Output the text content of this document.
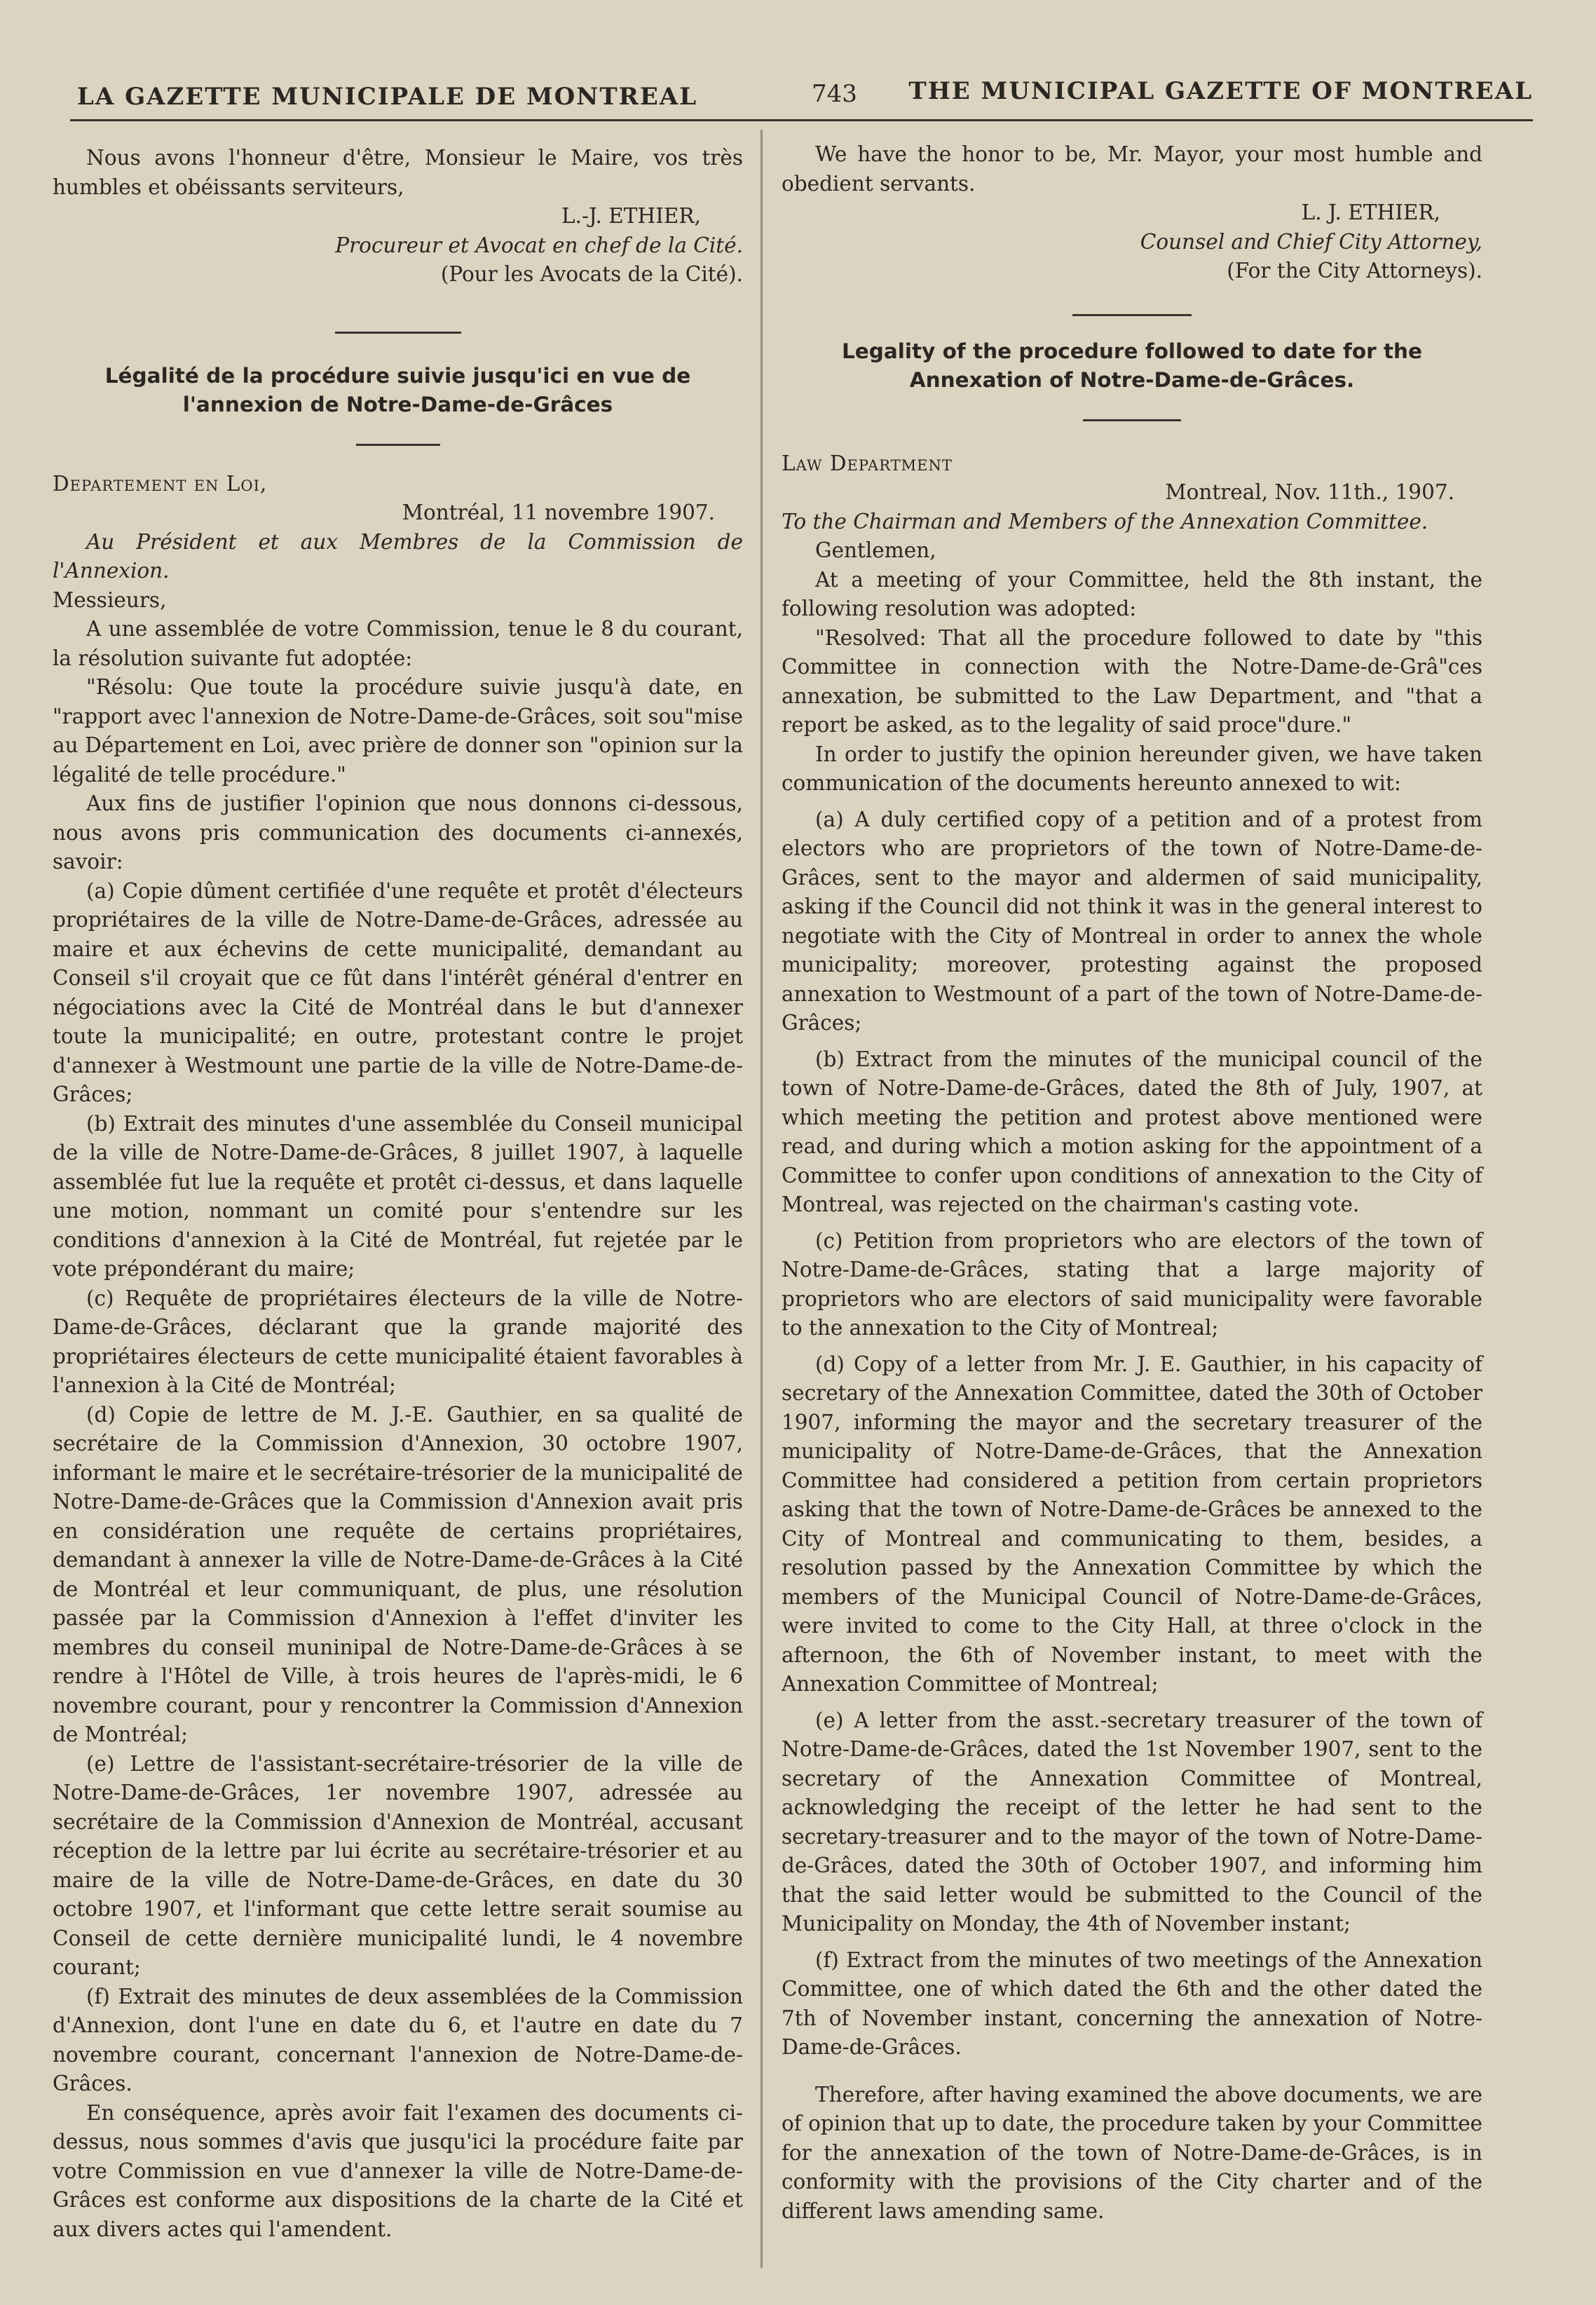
LA GAZETTE MUNICIPALE DE MONTREAL	743 THE MUNICIPAL GAZETTE OF MONTREAL

Nous avons l'honneur d'être, Monsieur le Maire, vos très humbles et obéissants serviteurs,

L.-J. ETHIER,

Procureur et Avocat en chef de la Cité.

(Pour les Avocats de la Cité).

Légalité de la procédure suivie jusqu'ici en vue de l'annexion de Notre-Dame-de-Grâces

Departement en Loi,

Montréal, 11 novembre 1907.

Au Président et aux Membres de la Commission de l'Annexion.

Messieurs,

A une assemblée de votre Commission, tenue le 8 du courant, la résolution suivante fut adoptée:

"Résolu: Que toute la procédure suivie jusqu'à date, en "rapport avec l'annexion de Notre-Dame-de-Grâces, soit sou"mise au Département en Loi, avec prière de donner son "opinion sur la légalité de telle procédure."

Aux fins de justifier l'opinion que nous donnons ci-dessous, nous avons pris communication des documents ci-annexés, savoir:

(a) Copie dûment certifiée d'une requête et protêt d'électeurs propriétaires de la ville de Notre-Dame-de-Grâces, adressée au maire et aux échevins de cette municipalité, demandant au Conseil s'il croyait que ce fût dans l'intérêt général d'entrer en négociations avec la Cité de Montréal dans le but d'annexer toute la municipalité; en outre, protestant contre le projet d'annexer à Westmount une partie de la ville de Notre-Dame-de-Grâces;

(b) Extrait des minutes d'une assemblée du Conseil municipal de la ville de Notre-Dame-de-Grâces, 8 juillet 1907, à laquelle assemblée fut lue la requête et protêt ci-dessus, et dans laquelle une motion, nommant un comité pour s'entendre sur les conditions d'annexion à la Cité de Montréal, fut rejetée par le vote prépondérant du maire;

(c) Requête de propriétaires électeurs de la ville de Notre-Dame-de-Grâces, déclarant que la grande majorité des propriétaires électeurs de cette municipalité étaient favorables à l'annexion à la Cité de Montréal;

(d) Copie de lettre de M. J.-E. Gauthier, en sa qualité de secrétaire de la Commission d'Annexion, 30 octobre 1907, informant le maire et le secrétaire-trésorier de la municipalité de Notre-Dame-de-Grâces que la Commission d'Annexion avait pris en considération une requête de certains propriétaires, demandant à annexer la ville de Notre-Dame-de-Grâces à la Cité de Montréal et leur communiquant, de plus, une résolution passée par la Commission d'Annexion à l'effet d'inviter les membres du conseil muninipal de Notre-Dame-de-Grâces à se rendre à l'Hôtel de Ville, à trois heures de l'après-midi, le 6 novembre courant, pour y rencontrer la Commission d'Annexion de Montréal;

(e) Lettre de l'assistant-secrétaire-trésorier de la ville de Notre-Dame-de-Grâces, 1er novembre 1907, adressée au secrétaire de la Commission d'Annexion de Montréal, accusant réception de la lettre par lui écrite au secrétaire-trésorier et au maire de la ville de Notre-Dame-de-Grâces, en date du 30 octobre 1907, et l'informant que cette lettre serait soumise au Conseil de cette dernière municipalité lundi, le 4 novembre courant;

(f) Extrait des minutes de deux assemblées de la Commission d'Annexion, dont l'une en date du 6, et l'autre en date du 7 novembre courant, concernant l'annexion de Notre-Dame-de-Grâces.

En conséquence, après avoir fait l'examen des documents ci-dessus, nous sommes d'avis que jusqu'ici la procédure faite par votre Commission en vue d'annexer la ville de Notre-Dame-de-Grâces est conforme aux dispositions de la charte de la Cité et aux divers actes qui l'amendent.

We have the honor to be, Mr. Mayor, your most humble and obedient servants.

L. J. ETHIER,

Counsel and Chief City Attorney,

(For the City Attorneys).

Legality of the procedure followed to date for the Annexation of Notre-Dame-de-Grâces.

Law Department

Montreal, Nov. 11th., 1907.

To the Chairman and Members of the Annexation Committee.

Gentlemen,

At a meeting of your Committee, held the 8th instant, the following resolution was adopted:

"Resolved: That all the procedure followed to date by "this Committee in connection with the Notre-Dame-de-Grâ"ces annexation, be submitted to the Law Department, and "that a report be asked, as to the legality of said proce"dure."

In order to justify the opinion hereunder given, we have taken communication of the documents hereunto annexed to wit:

(a) A duly certified copy of a petition and of a protest from electors who are proprietors of the town of Notre-Dame-de-Grâces, sent to the mayor and aldermen of said municipality, asking if the Council did not think it was in the general interest to negotiate with the City of Montreal in order to annex the whole municipality; moreover, protesting against the proposed annexation to Westmount of a part of the town of Notre-Dame-de-Grâces;

(b) Extract from the minutes of the municipal council of the town of Notre-Dame-de-Grâces, dated the 8th of July, 1907, at which meeting the petition and protest above mentioned were read, and during which a motion asking for the appointment of a Committee to confer upon conditions of annexation to the City of Montreal, was rejected on the chairman's casting vote.

(c) Petition from proprietors who are electors of the town of Notre-Dame-de-Grâces, stating that a large majority of proprietors who are electors of said municipality were favorable to the annexation to the City of Montreal;

(d) Copy of a letter from Mr. J. E. Gauthier, in his capacity of secretary of the Annexation Committee, dated the 30th of October 1907, informing the mayor and the secretary treasurer of the municipality of Notre-Dame-de-Grâces, that the Annexation Committee had considered a petition from certain proprietors asking that the town of Notre-Dame-de-Grâces be annexed to the City of Montreal and communicating to them, besides, a resolution passed by the Annexation Committee by which the members of the Municipal Council of Notre-Dame-de-Grâces, were invited to come to the City Hall, at three o'clock in the afternoon, the 6th of November instant, to meet with the Annexation Committee of Montreal;

(e) A letter from the asst.-secretary treasurer of the town of Notre-Dame-de-Grâces, dated the 1st November 1907, sent to the secretary of the Annexation Committee of Montreal, acknowledging the receipt of the letter he had sent to the secretary-treasurer and to the mayor of the town of Notre-Dame-de-Grâces, dated the 30th of October 1907, and informing him that the said letter would be submitted to the Council of the Municipality on Monday, the 4th of November instant;

(f) Extract from the minutes of two meetings of the Annexation Committee, one of which dated the 6th and the other dated the 7th of November instant, concerning the annexation of Notre-Dame-de-Grâces.

Therefore, after having examined the above documents, we are of opinion that up to date, the procedure taken by your Committee for the annexation of the town of Notre-Dame-de-Grâces, is in conformity with the provisions of the City charter and of the different laws amending same.
